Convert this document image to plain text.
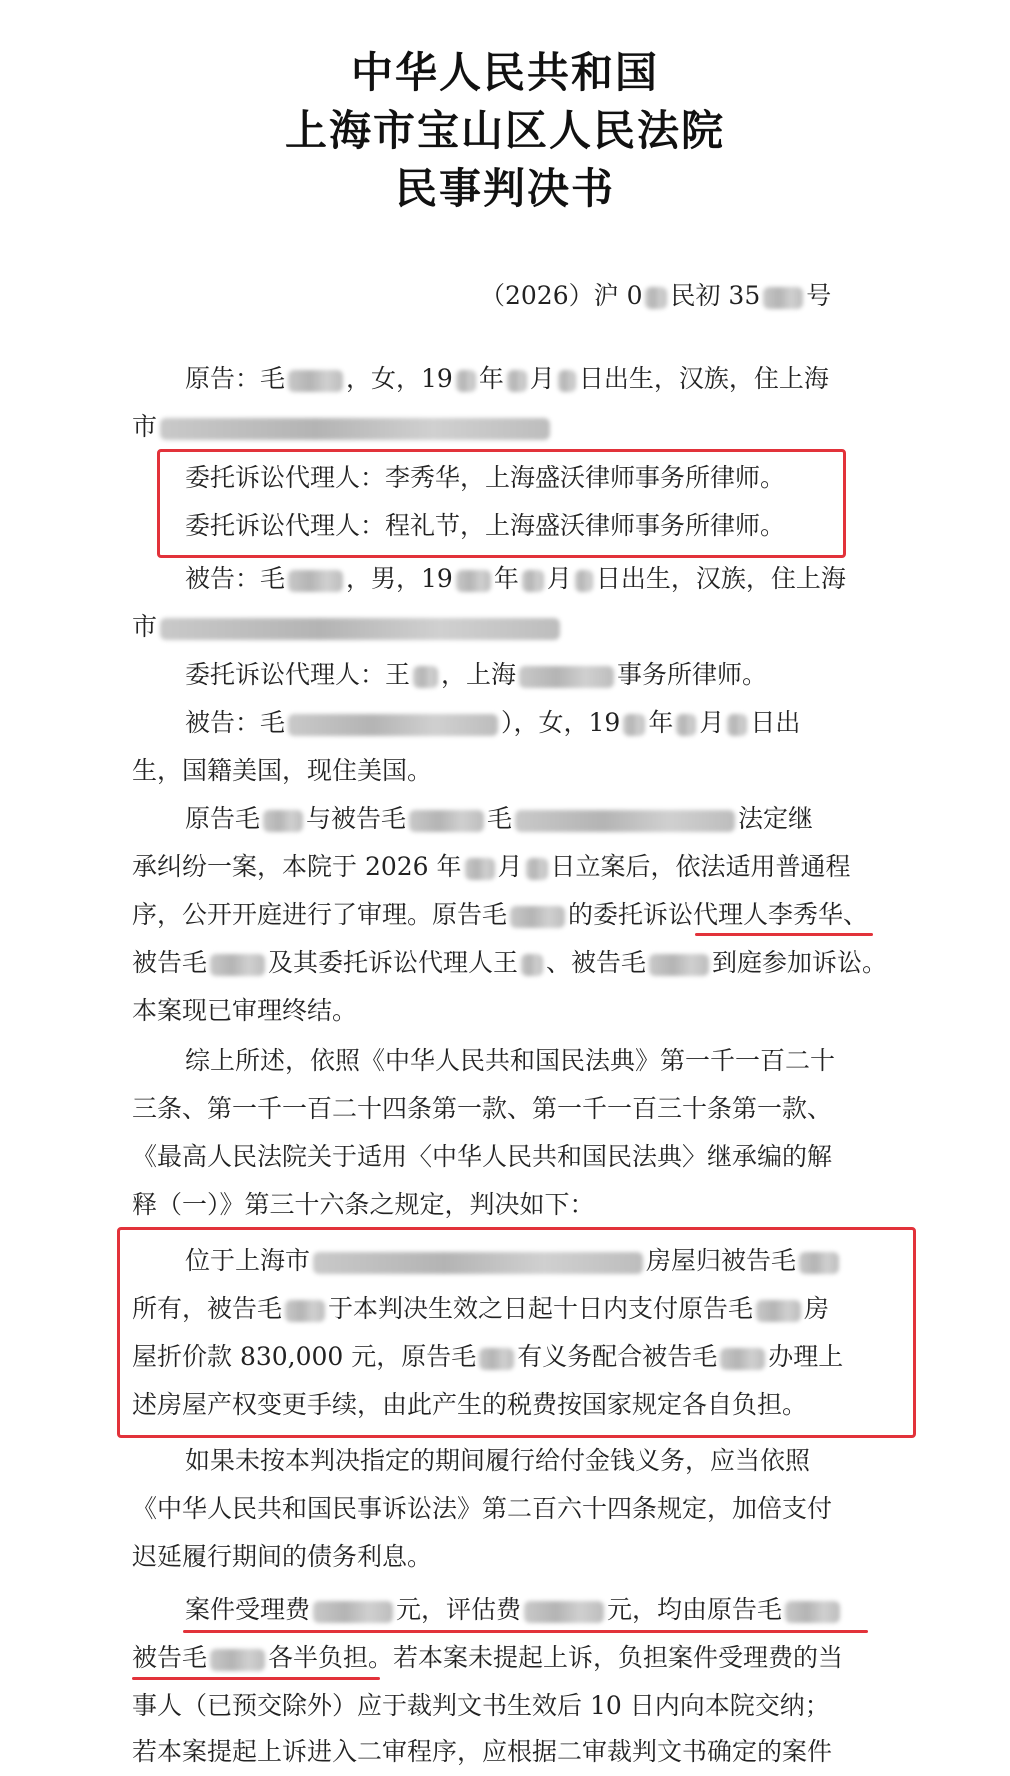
中华人民共和国
上海市宝山区人民法院
民事判决书
（2026）沪 0 民初 35 号
原告：毛 ，女，19 年 月 日出生，汉族，住上海
市
委托诉讼代理人：李秀华，上海盛沃律师事务所律师。
委托诉讼代理人：程礼节，上海盛沃律师事务所律师。
被告：毛 ，男，19 年 月 日出生，汉族，住上海
市
委托诉讼代理人：王 ，上海	事务所律师。
被告：毛	），女，19 年 月 日出
生，国籍美国，现住美国。
原告毛 与被告毛	毛	法定继
承纠纷一案，本院于 2026 年 月 日立案后，依法适用普通程
序，公开开庭进行了审理。原告毛 的委托诉讼代理人李秀华、
被告毛 及其委托诉讼代理人王 、被告毛	到庭参加诉讼。
本案现已审理终结。
综上所述，依照《中华人民共和国民法典》第一千一百二十
三条、第一千一百二十四条第一款、第一千一百三十条第一款、
《最高人民法院关于适用〈中华人民共和国民法典〉继承编的解
释（一）》第三十六条之规定，判决如下：
位于上海市	房屋归被告毛
所有，被告毛 于本判决生效之日起十日内支付原告毛 房
屋折价款 830,000 元，原告毛 有义务配合被告毛 办理上
述房屋产权变更手续，由此产生的税费按国家规定各自负担。
如果未按本判决指定的期间履行给付金钱义务，应当依照
《中华人民共和国民事诉讼法》第二百六十四条规定，加倍支付
迟延履行期间的债务利息。
案件受理费	元，评估费	元，均由原告毛
被告毛 各半负担。若本案未提起上诉，负担案件受理费的当
事人（已预交除外）应于裁判文书生效后 10 日内向本院交纳；
若本案提起上诉进入二审程序，应根据二审裁判文书确定的案件
